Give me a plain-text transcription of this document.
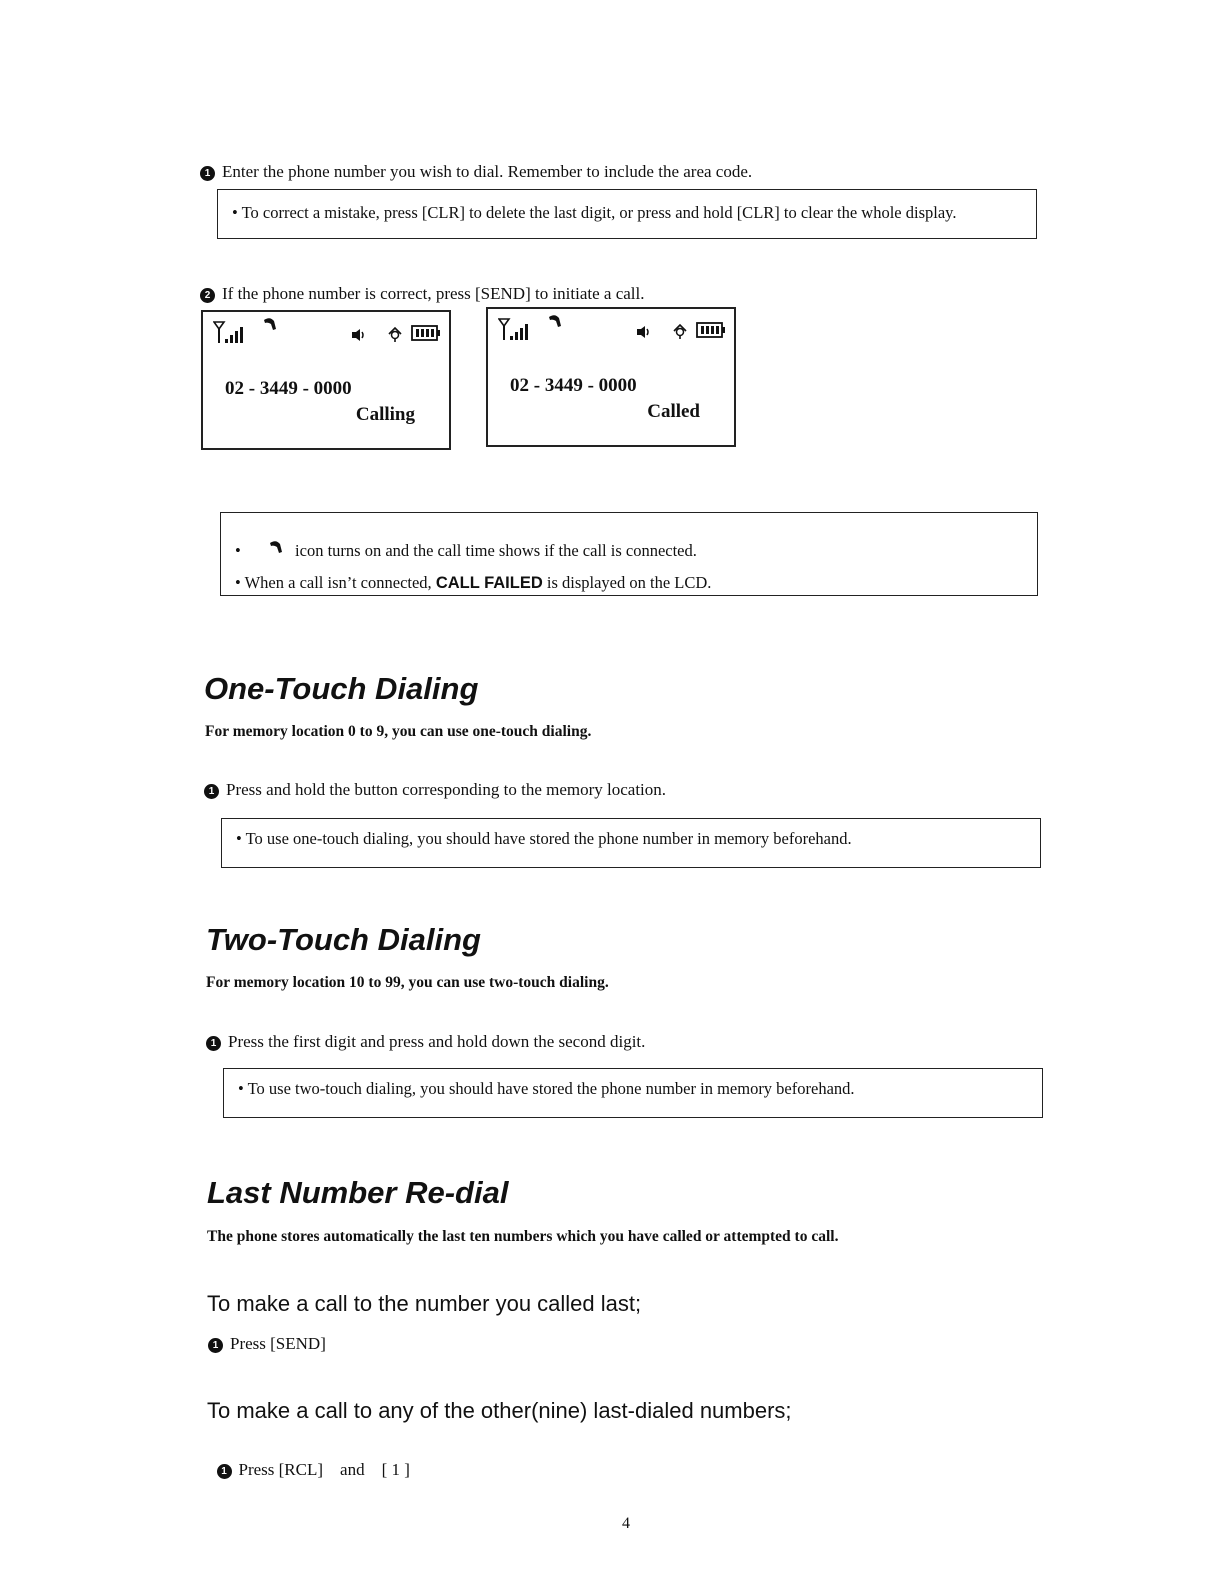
1 Enter the phone number you wish to dial. Remember to include the area code.
• To correct a mistake, press [CLR] to delete the last digit, or press and hold [CLR] to clear the whole display.
2 If the phone number is correct, press [SEND] to initiate a call.
02 - 3449 - 0000
Calling
02 - 3449 - 0000
Called
•	icon turns on and the call time shows if the call is connected.
• When a call isn’t connected, CALL FAILED is displayed on the LCD.
One-Touch Dialing
For memory location 0 to 9, you can use one-touch dialing.
1 Press and hold the button corresponding to the memory location.
• To use one-touch dialing, you should have stored the phone number in memory beforehand.
Two-Touch Dialing
For memory location 10 to 99, you can use two-touch dialing.
1 Press the first digit and press and hold down the second digit.
• To use two-touch dialing, you should have stored the phone number in memory beforehand.
Last Number Re-dial
The phone stores automatically the last ten numbers which you have called or attempted to call.
To make a call to the number you called last;
1 Press [SEND]
To make a call to any of the other(nine) last-dialed numbers;

1 Press [RCL]    and    [ 1 ]

4
